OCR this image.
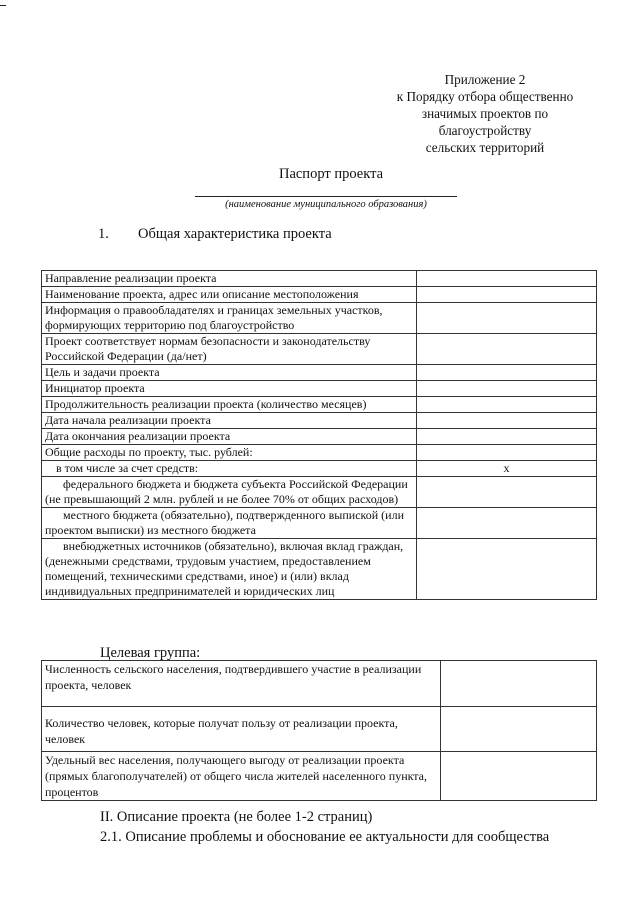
Приложение 2
к Порядку отбора общественно
значимых проектов по
благоустройству
сельских территорий
Паспорт проекта
(наименование муниципального образования)
1. Общая характеристика проекта
Направление реализации проекта	
Наименование проекта, адрес или описание местоположения	
Информация о правообладателях и границах земельных участков, формирующих территорию под благоустройство	
Проект соответствует нормам безопасности и законодательству Российской Федерации (да/нет)	
Цель и задачи проекта	
Инициатор проекта	
Продолжительность реализации проекта (количество месяцев)	
Дата начала реализации проекта	
Дата окончания реализации проекта	
Общие расходы по проекту, тыс. рублей:	
в том числе за счет средств:	x
федерального бюджета и бюджета субъекта Российской Федерации (не превышающий 2 млн. рублей и не более 70% от общих расходов)	
местного бюджета (обязательно), подтвержденного выпиской (или проектом выписки) из местного бюджета	
внебюджетных источников (обязательно), включая вклад граждан, (денежными средствами, трудовым участием, предоставлением помещений, техническими средствами, иное) и (или) вклад индивидуальных предпринимателей и юридических лиц	
Целевая группа:
Численность сельского населения, подтвердившего участие в реализации проекта, человек	
Количество человек, которые получат пользу от реализации проекта, человек	
Удельный вес населения, получающего выгоду от реализации проекта (прямых благополучателей) от общего числа жителей населенного пункта, процентов	
II. Описание проекта (не более 1-2 страниц)
2.1. Описание проблемы и обоснование ее актуальности для сообщества
